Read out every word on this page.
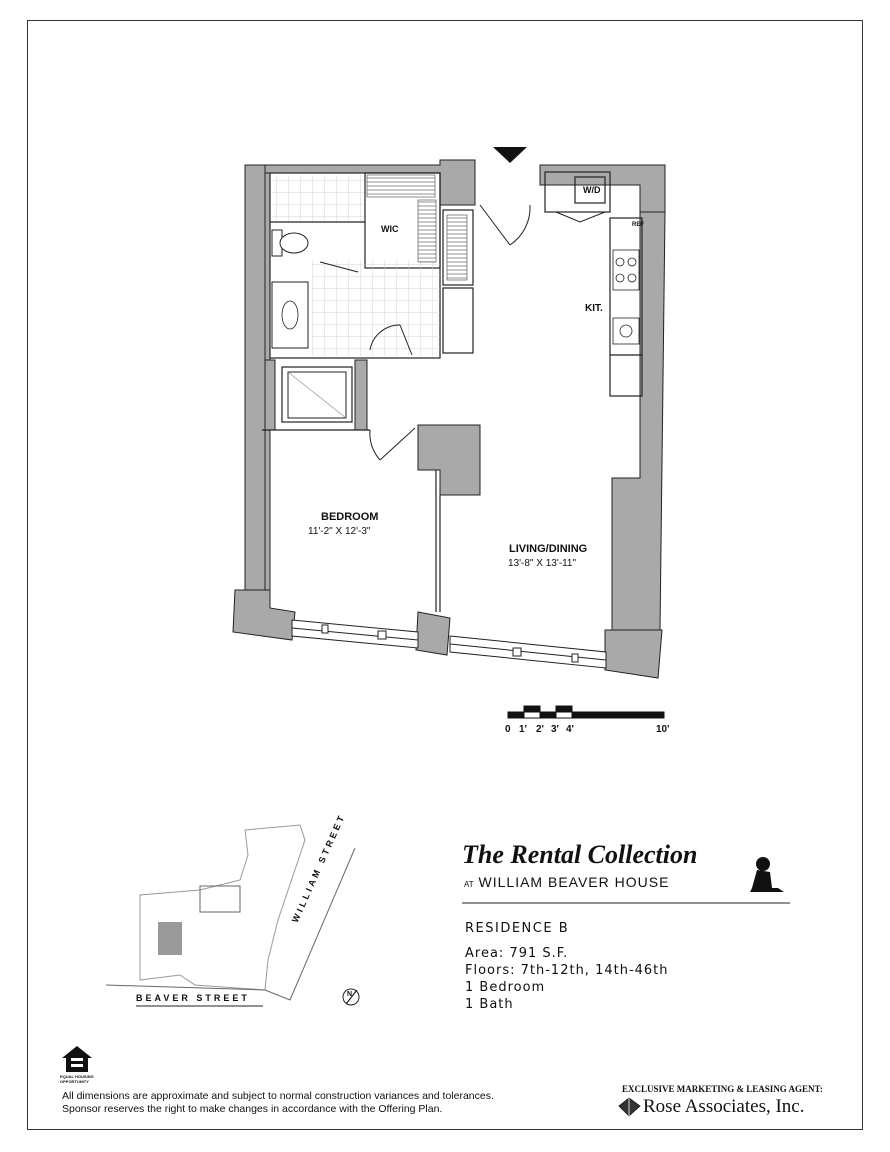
WIC
W/D
KIT.
REF
BEDROOM
11'-2" X 12'-3"
LIVING/DINING
13'-8" X 13'-11"
0 1' 2' 3' 4'	10'
BEAVER STREET
WILLIAM STREET
N
The Rental Collection
AT WILLIAM BEAVER HOUSE
RESIDENCE B
Area: 791 S.F.
Floors: 7th-12th, 14th-46th
1 Bedroom
1 Bath
EQUAL HOUSING OPPORTUNITY
All dimensions are approximate and subject to normal construction variances and tolerances.
Sponsor reserves the right to make changes in accordance with the Offering Plan.
EXCLUSIVE MARKETING & LEASING AGENT:
Rose Associates, Inc.
